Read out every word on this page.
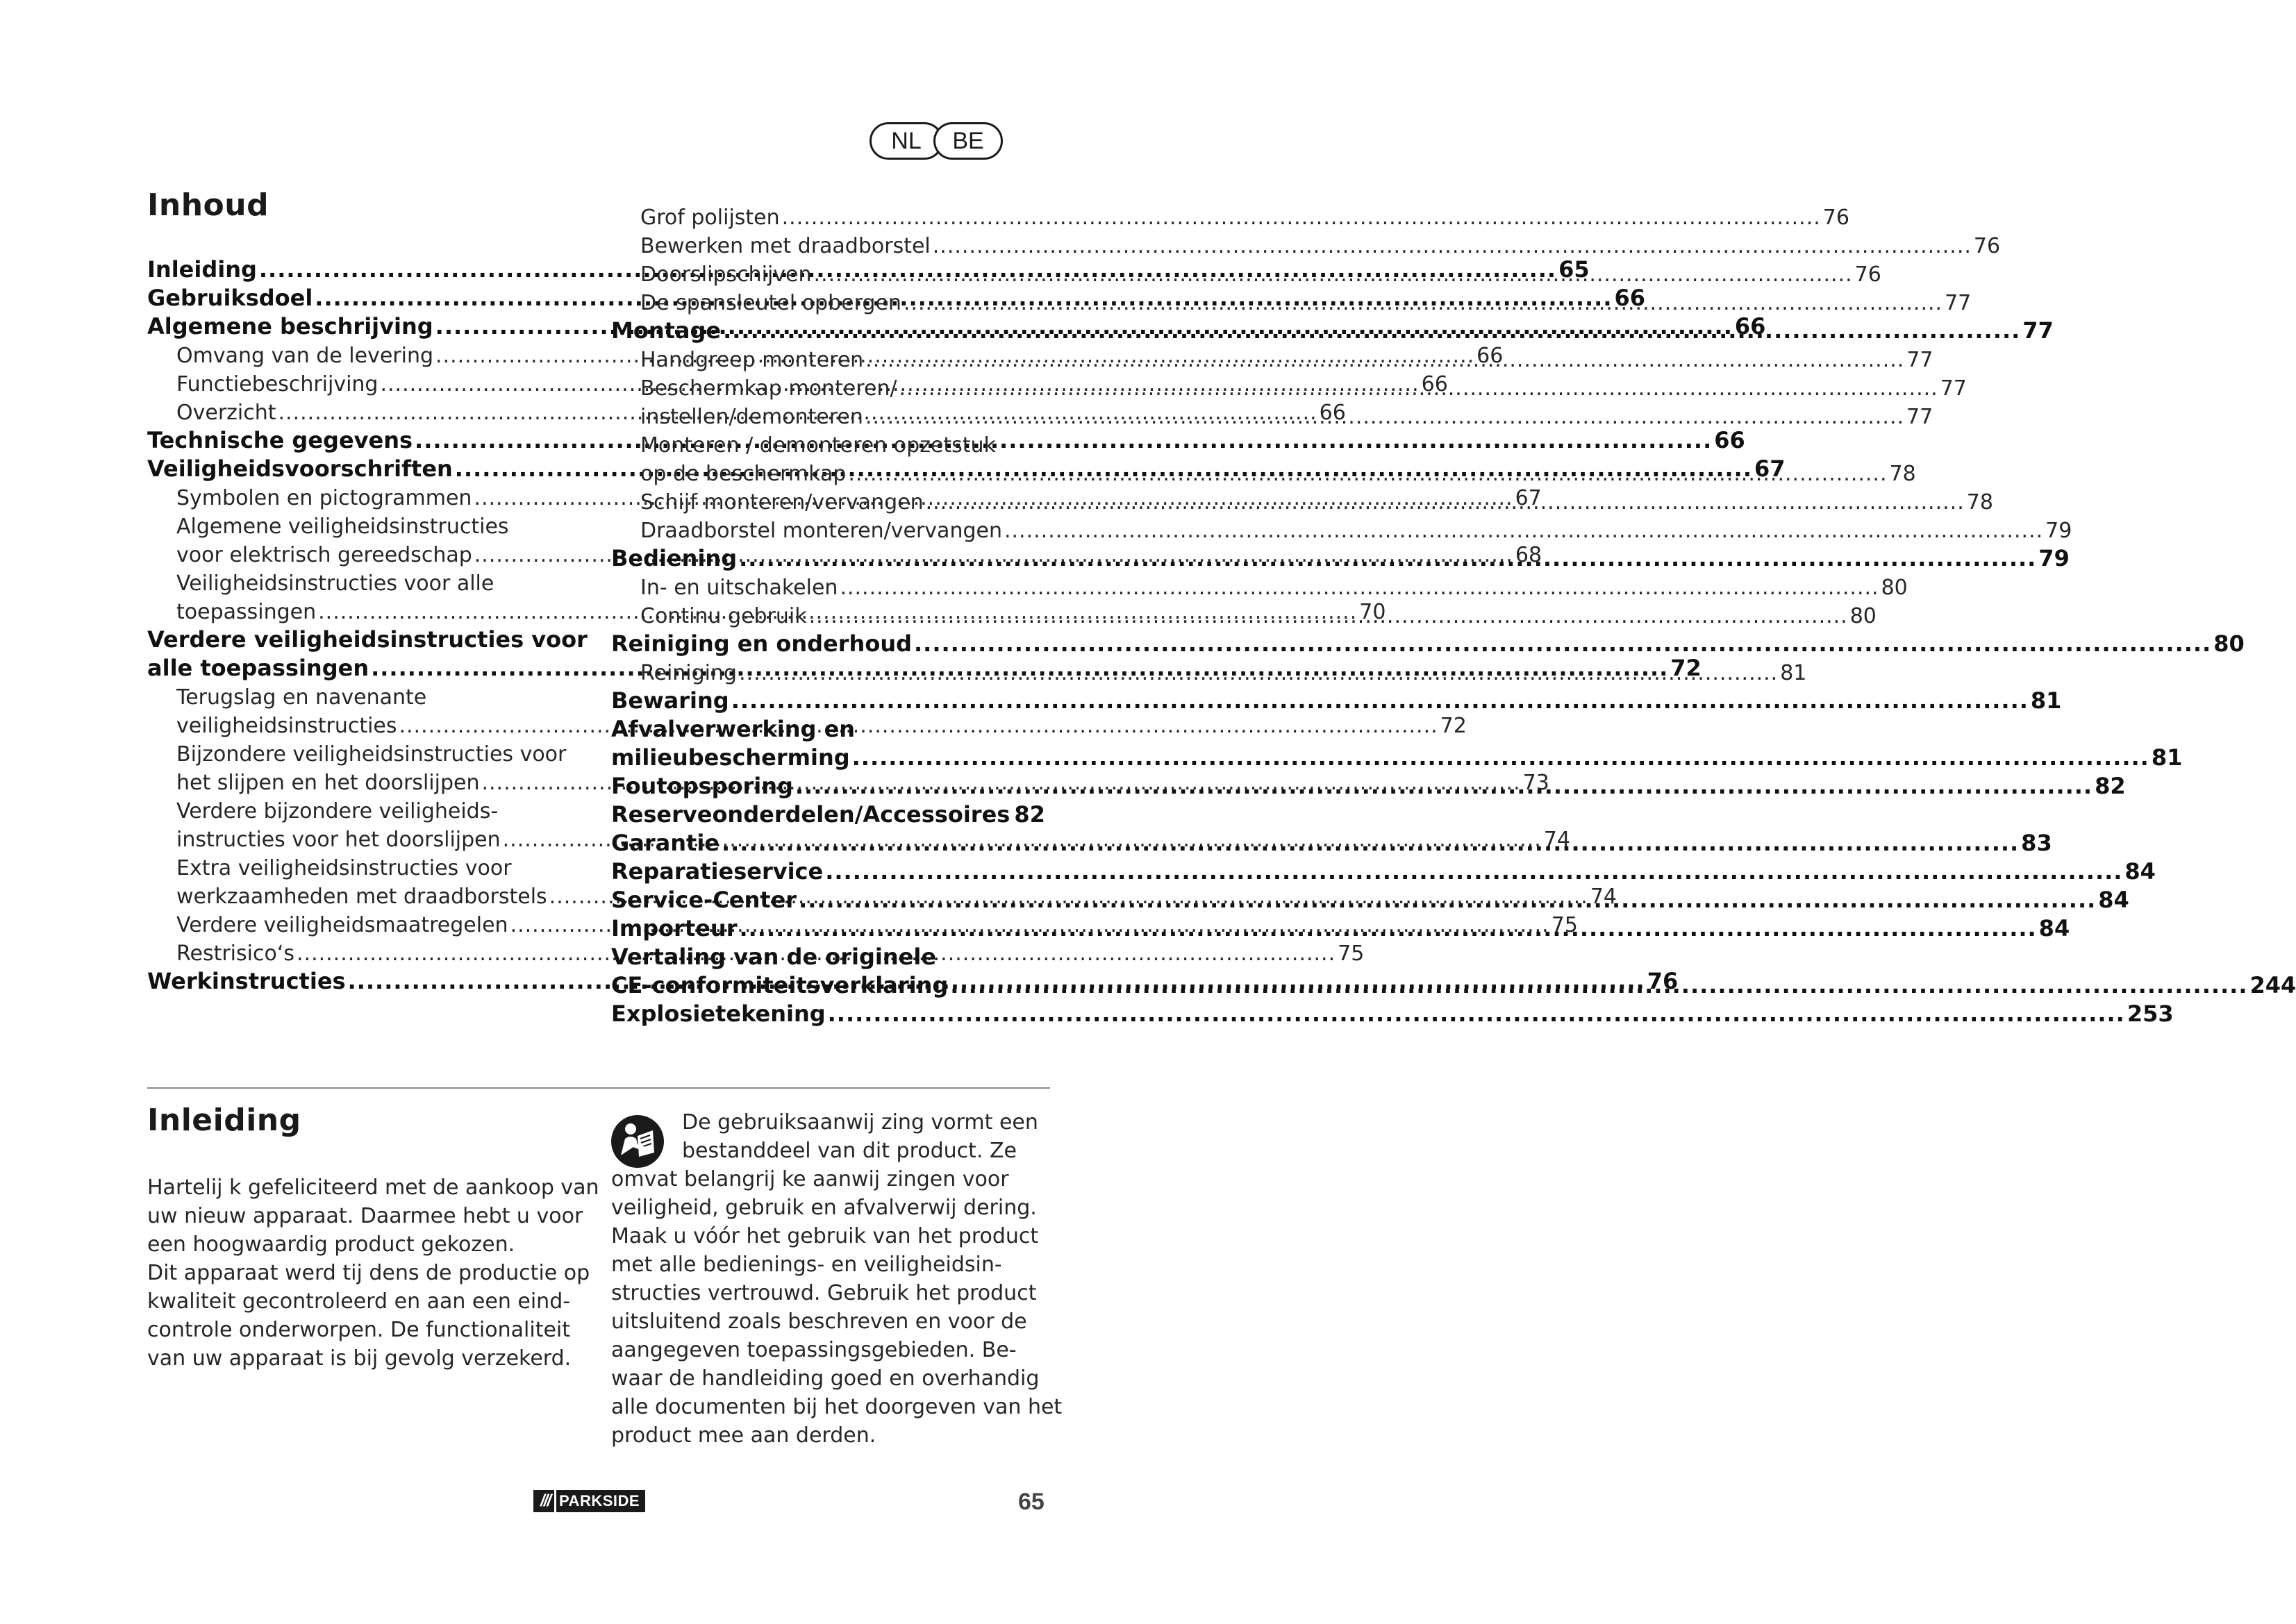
NL	BE
Inhoud
Inleiding .....	65
Gebruiksdoel .....	66
Algemene beschrijving .....	66
Omvang van de levering .....	66
Functiebeschrijving .....	66
Overzicht .....	66
Technische gegevens .....	66
Veiligheidsvoorschriften .....	67
Symbolen en pictogrammen .....	67
Algemene veiligheidsinstructies
voor elektrisch gereedschap .....	68
Veiligheidsinstructies voor alle
toepassingen .....	70
Verdere veiligheidsinstructies voor
alle toepassingen .....	72
Terugslag en navenante
veiligheidsinstructies .....	72
Bijzondere veiligheidsinstructies voor
het slijpen en het doorslijpen .....	73
Verdere bijzondere veiligheids-
instructies voor het doorslijpen .....	74
Extra veiligheidsinstructies voor
werkzaamheden met draadborstels .....	74
Verdere veiligheidsmaatregelen .....	75
Restrisico‘s .....	75
Werkinstructies .....	76
Grof polijsten .....	76
Bewerken met draadborstel .....	76
Doorslipschijven .....	76
De spansleutel opbergen .....	77
Montage .....	77
Handgreep monteren .....	77
Beschermkap monteren/ .....	77
instellen/demonteren .....	77
Monteren / demonteren opzetstuk
op de beschermkap .....	78
Schijf monteren/vervangen .....	78
Draadborstel monteren/vervangen .....	79
Bediening .....	79
In- en uitschakelen .....	80
Continu gebruik .....	80
Reiniging en onderhoud .....	80
Reiniging .....	81
Bewaring .....	81
Afvalverwerking en
milieubescherming .....	81
Foutopsporing .....	82
Reserveonderdelen/Accessoires 82
Garantie .....	83
Reparatieservice .....	84
Service-Center .....	84
Importeur .....	84
Vertaling van de originele
CE-conformiteitsverklaring .....	244
Explosietekening .....	253
Inleiding
Hartelij k gefeliciteerd met de aankoop van
uw nieuw apparaat. Daarmee hebt u voor
een hoogwaardig product gekozen.
Dit apparaat werd tij dens de productie op
kwaliteit gecontroleerd en aan een eind-
controle onderworpen. De functionaliteit
van uw apparaat is bij gevolg verzekerd.
De gebruiksaanwij zing vormt een
bestanddeel van dit product. Ze
omvat belangrij ke aanwij zingen voor
veiligheid, gebruik en afvalverwij dering.
Maak u vóór het gebruik van het product
met alle bedienings- en veiligheidsin-
structies vertrouwd. Gebruik het product
uitsluitend zoals beschreven en voor de
aangegeven toepassingsgebieden. Be-
waar de handleiding goed en overhandig
alle documenten bij het doorgeven van het
product mee aan derden.
/// PARKSIDE	65
